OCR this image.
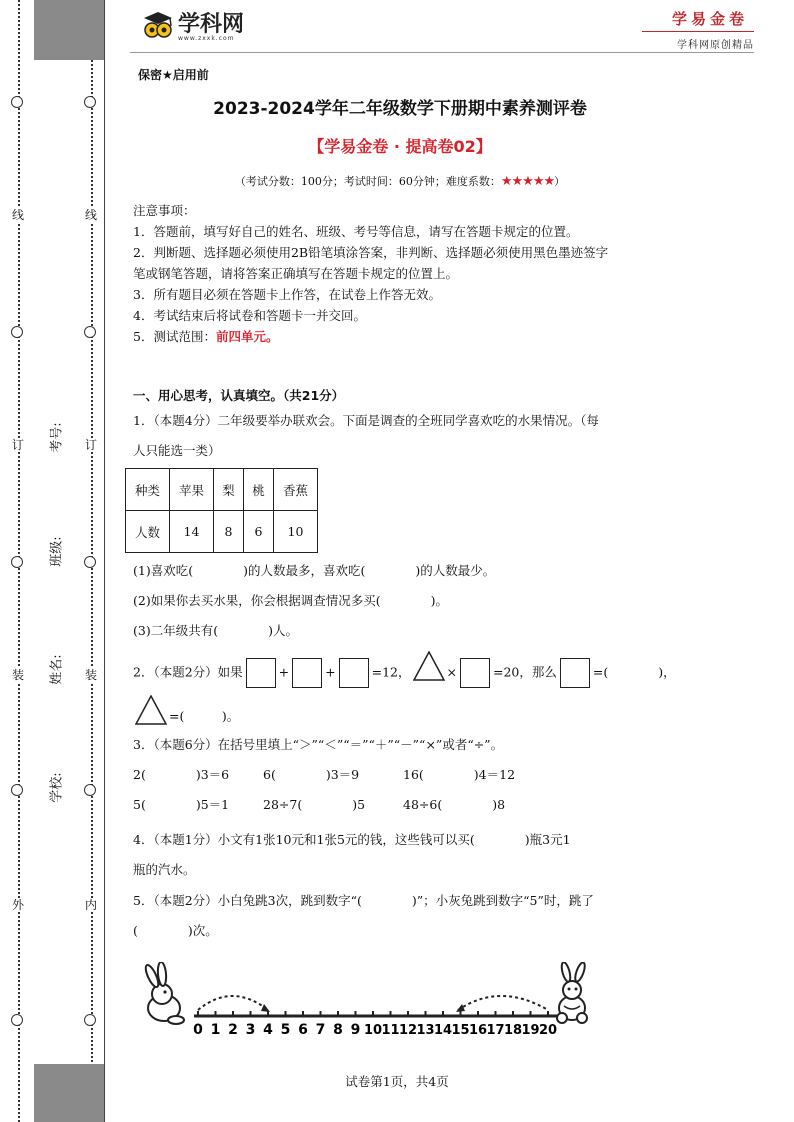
线
订
装
外
线
订
装
内
考号:
班级:
姓名:
学校:
学科网
www.zxxk.com
学易金卷
学科网原创精品
保密★启用前
2023-2024学年二年级数学下册期中素养测评卷
【学易金卷 · 提高卷02】
（考试分数：100分；考试时间：60分钟；难度系数：★★★★★）
注意事项：
1．答题前，填写好自己的姓名、班级、考号等信息，请写在答题卡规定的位置。
2．判断题、选择题必须使用2B铅笔填涂答案，非判断、选择题必须使用黑色墨迹签字
笔或钢笔答题，请将答案正确填写在答题卡规定的位置上。
3．所有题目必须在答题卡上作答，在试卷上作答无效。
4．考试结束后将试卷和答题卡一并交回。
5．测试范围：前四单元。
一、用心思考，认真填空。（共21分）
1．（本题4分）二年级要举办联欢会。下面是调查的全班同学喜欢吃的水果情况。（每
人只能选一类）
种类	苹果	梨	桃	香蕉
人数	14	8	6	10
(1)喜欢吃(　　　　)的人数最多，喜欢吃(　　　　)的人数最少。
(2)如果你去买水果，你会根据调查情况多买(　　　　)。
(3)二年级共有(　　　　)人。
2．（本题2分）如果	+	+	=12，	×	=20，那么	=(　　　　)，
=(　　　)。
3．（本题6分）在括号里填上“＞”“＜”“＝”“＋”“－”“×”或者“÷”。
2(　　　　)3＝6	6(　　　　)3＝9	16(　　　　)4＝12
5(　　　　)5＝1	28÷7(　　　　)5	48÷6(　　　　)8
4．（本题1分）小文有1张10元和1张5元的钱，这些钱可以买(　　　　)瓶3元1
瓶的汽水。
5．（本题2分）小白兔跳3次，跳到数字“(　　　　)”；小灰兔跳到数字“5”时，跳了
(　　　　)次。
0 1 2 3 4 5 6 7 8 9 10 11 12 13 14 15 16 17 18 19 20
试卷第1页，共4页
